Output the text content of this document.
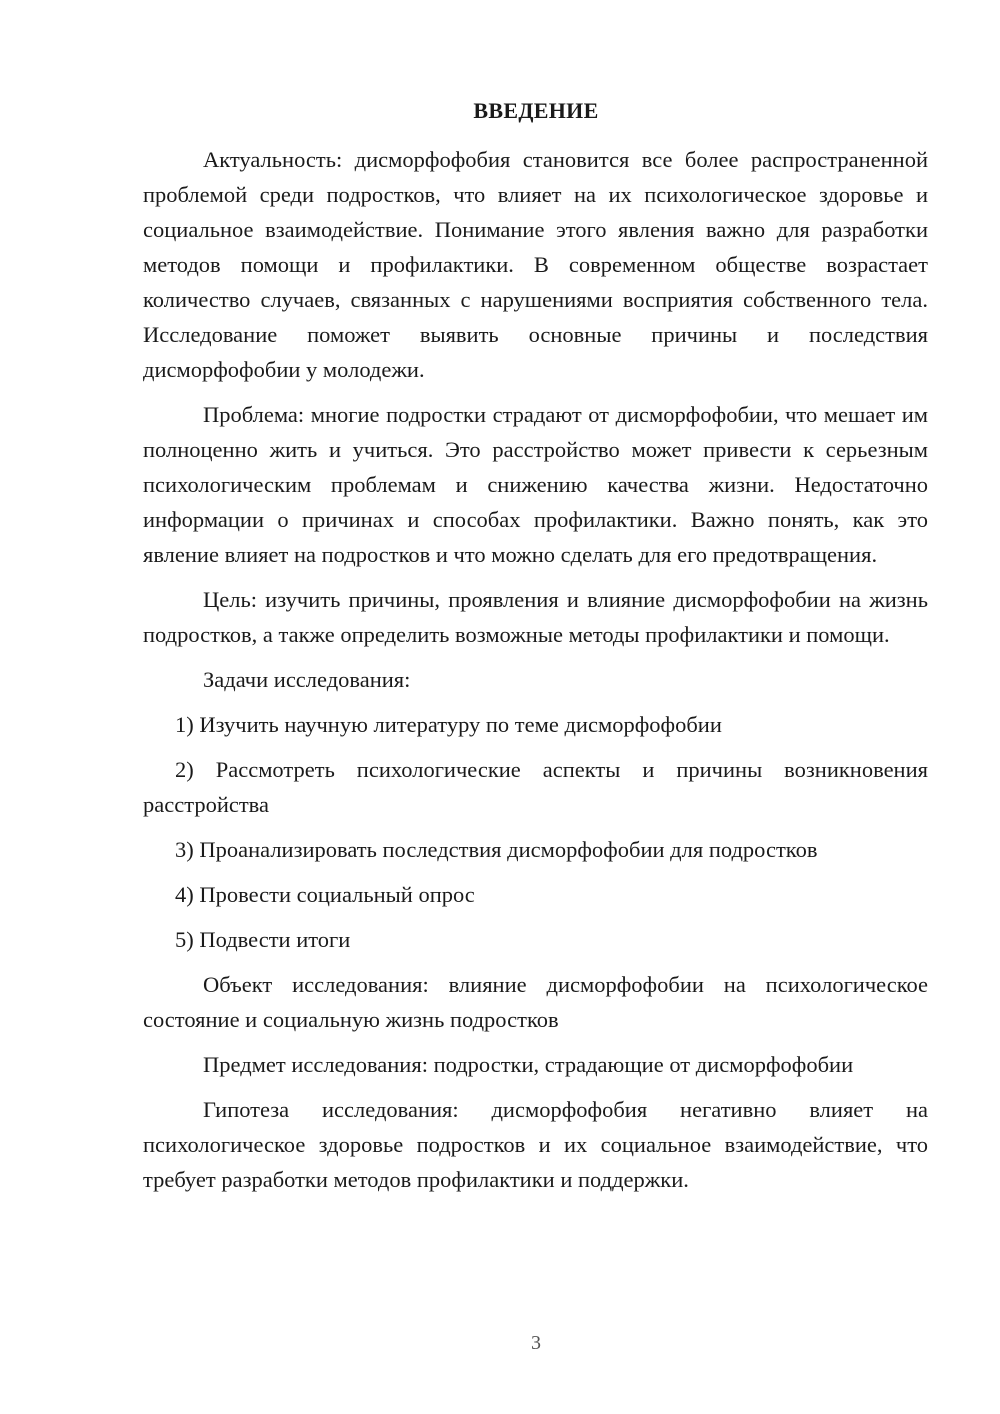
ВВЕДЕНИЕ

Актуальность: дисморфофобия становится все более распространенной проблемой среди подростков, что влияет на их психологическое здоровье и социальное взаимодействие. Понимание этого явления важно для разработки методов помощи и профилактики. В современном обществе возрастает количество случаев, связанных с нарушениями восприятия собственного тела. Исследование поможет выявить основные причины и последствия дисморфофобии у молодежи.

Проблема: многие подростки страдают от дисморфофобии, что мешает им полноценно жить и учиться. Это расстройство может привести к серьезным психологическим проблемам и снижению качества жизни. Недостаточно информации о причинах и способах профилактики. Важно понять, как это явление влияет на подростков и что можно сделать для его предотвращения.

Цель: изучить причины, проявления и влияние дисморфофобии на жизнь подростков, а также определить возможные методы профилактики и помощи.

Задачи исследования:

1) Изучить научную литературу по теме дисморфофобии

2) Рассмотреть психологические аспекты и причины возникновения расстройства

3) Проанализировать последствия дисморфофобии для подростков

4) Провести социальный опрос

5) Подвести итоги

Объект исследования: влияние дисморфофобии на психологическое состояние и социальную жизнь подростков

Предмет исследования: подростки, страдающие от дисморфофобии

Гипотеза исследования: дисморфофобия негативно влияет на психологическое здоровье подростков и их социальное взаимодействие, что требует разработки методов профилактики и поддержки.

3
